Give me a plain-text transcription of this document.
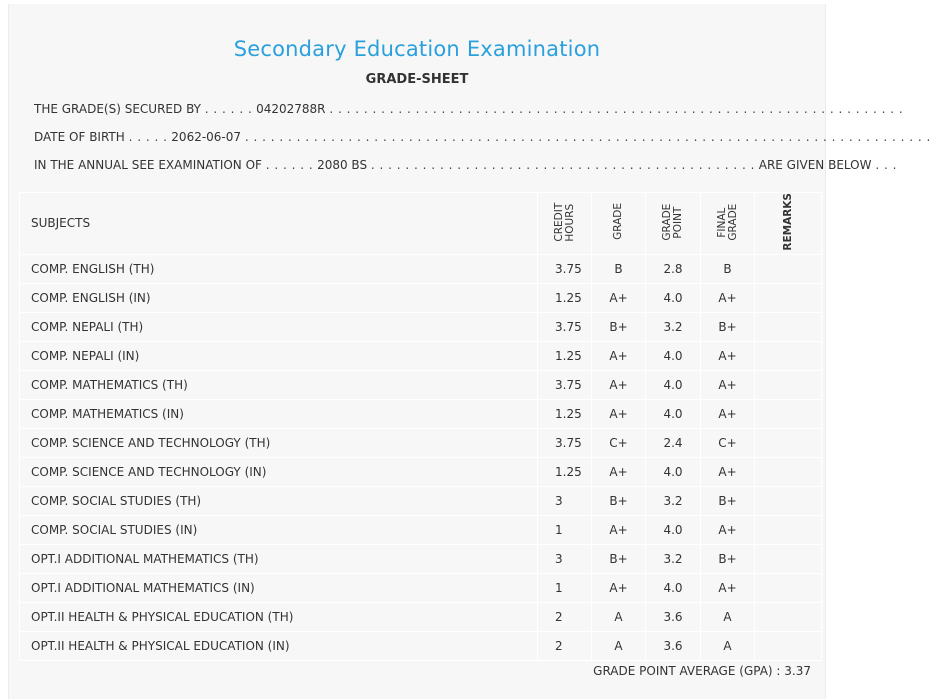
Secondary Education Examination
GRADE-SHEET
THE GRADE(S) SECURED BY . . . . . . 04202788R . . . . . . . . . . . . . . . . . . . . . . . . . . . . . . . . . . . . . . . . . . . . . . . . . . . . . . . . . . . . . . . . . . .
DATE OF BIRTH . . . . . 2062-06-07 . . . . . . . . . . . . . . . . . . . . . . . . . . . . . . . . . . . . . . . . . . . . . . . . . . . . . . . . . . . . . . . . . . . . . . . . . . . . . . . .
IN THE ANNUAL SEE EXAMINATION OF . . . . . . 2080 BS . . . . . . . . . . . . . . . . . . . . . . . . . . . . . . . . . . . . . . . . . . . . . ARE GIVEN BELOW . . .
SUBJECTS	CREDIT HOURS	GRADE	GRADE POINT	FINAL GRADE	REMARKS
COMP. ENGLISH (TH)	3.75	B	2.8	B	
COMP. ENGLISH (IN)	1.25	A+	4.0	A+	
COMP. NEPALI (TH)	3.75	B+	3.2	B+	
COMP. NEPALI (IN)	1.25	A+	4.0	A+	
COMP. MATHEMATICS (TH)	3.75	A+	4.0	A+	
COMP. MATHEMATICS (IN)	1.25	A+	4.0	A+	
COMP. SCIENCE AND TECHNOLOGY (TH)	3.75	C+	2.4	C+	
COMP. SCIENCE AND TECHNOLOGY (IN)	1.25	A+	4.0	A+	
COMP. SOCIAL STUDIES (TH)	3	B+	3.2	B+	
COMP. SOCIAL STUDIES (IN)	1	A+	4.0	A+	
OPT.I ADDITIONAL MATHEMATICS (TH)	3	B+	3.2	B+	
OPT.I ADDITIONAL MATHEMATICS (IN)	1	A+	4.0	A+	
OPT.II HEALTH & PHYSICAL EDUCATION (TH)	2	A	3.6	A	
OPT.II HEALTH & PHYSICAL EDUCATION (IN)	2	A	3.6	A	
GRADE POINT AVERAGE (GPA) : 3.37
